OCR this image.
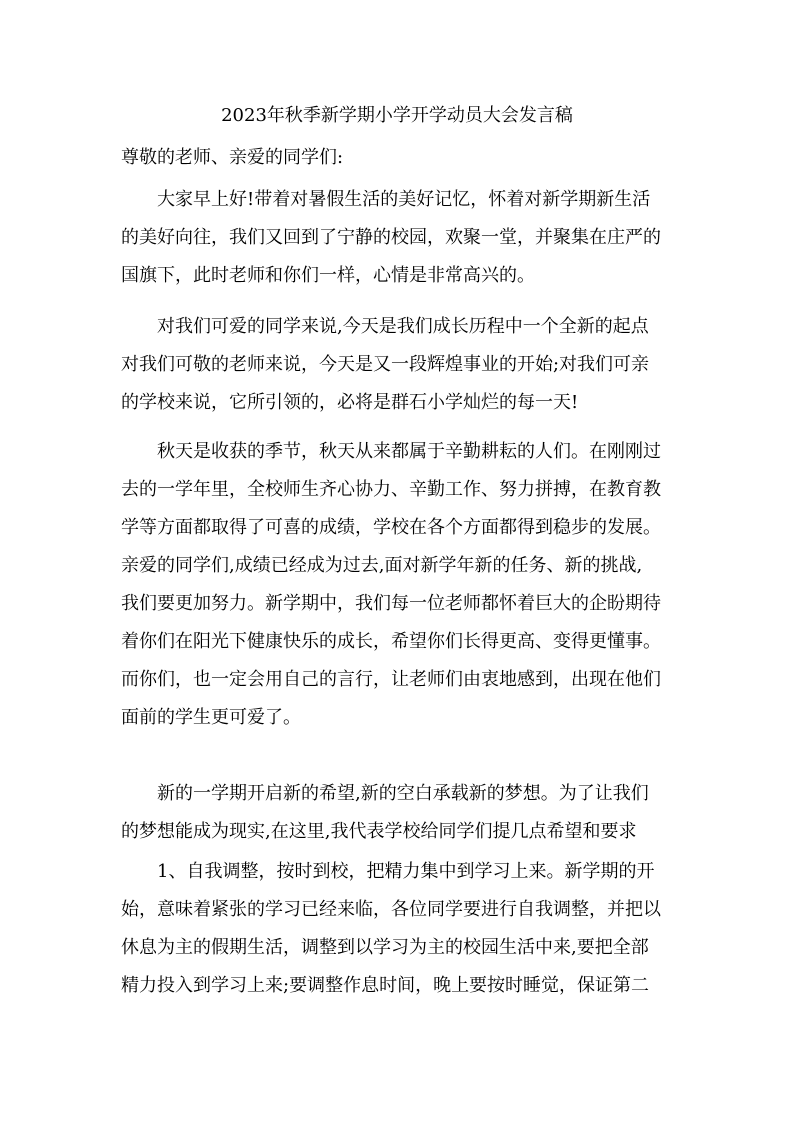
2023年秋季新学期小学开学动员大会发言稿

尊敬的老师、亲爱的同学们:

大家早上好!带着对暑假生活的美好记忆，怀着对新学期新生活
的美好向往，我们又回到了宁静的校园，欢聚一堂，并聚集在庄严的
国旗下，此时老师和你们一样，心情是非常高兴的。

对我们可爱的同学来说,今天是我们成长历程中一个全新的起点
对我们可敬的老师来说，今天是又一段辉煌事业的开始;对我们可亲
的学校来说，它所引领的，必将是群石小学灿烂的每一天!

秋天是收获的季节，秋天从来都属于辛勤耕耘的人们。在刚刚过
去的一学年里，全校师生齐心协力、辛勤工作、努力拼搏，在教育教
学等方面都取得了可喜的成绩，学校在各个方面都得到稳步的发展。
亲爱的同学们,成绩已经成为过去,面对新学年新的任务、新的挑战,
我们要更加努力。新学期中，我们每一位老师都怀着巨大的企盼期待
着你们在阳光下健康快乐的成长，希望你们长得更高、变得更懂事。
而你们，也一定会用自己的言行，让老师们由衷地感到，出现在他们
面前的学生更可爱了。

新的一学期开启新的希望,新的空白承载新的梦想。为了让我们
的梦想能成为现实,在这里,我代表学校给同学们提几点希望和要求

1、自我调整，按时到校，把精力集中到学习上来。新学期的开
始，意味着紧张的学习已经来临，各位同学要进行自我调整，并把以
休息为主的假期生活，调整到以学习为主的校园生活中来,要把全部
精力投入到学习上来;要调整作息时间，晚上要按时睡觉，保证第二
